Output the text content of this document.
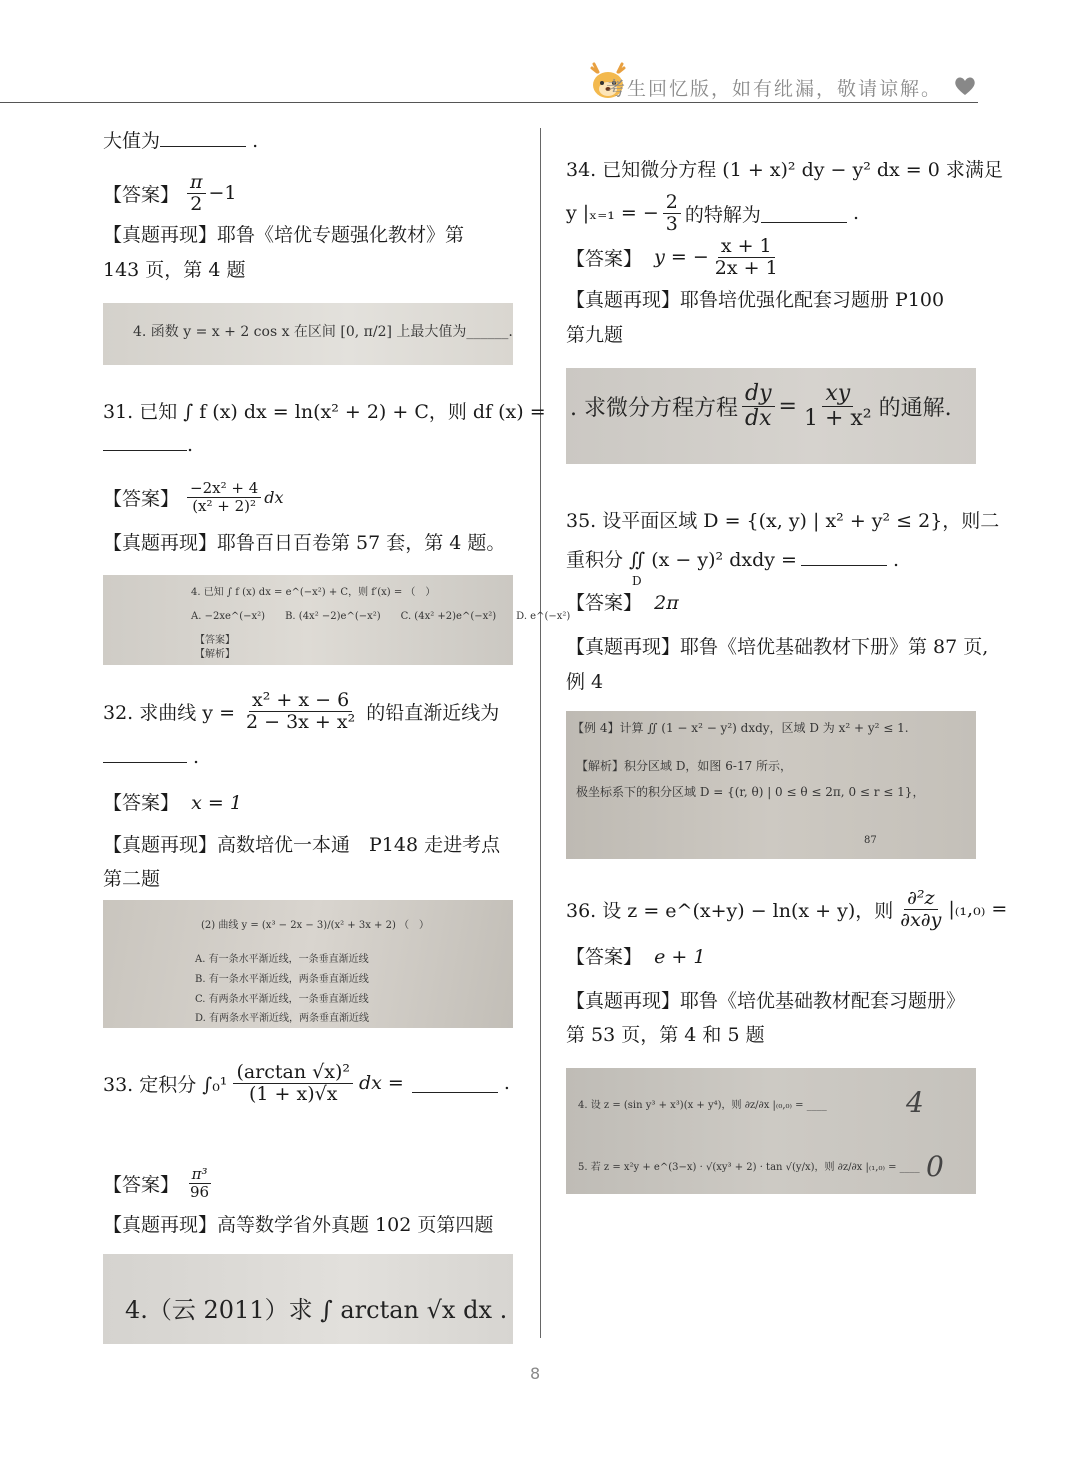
考生回忆版，如有纰漏，敬请谅解。
大值为	.
【答案】 $\frac{\pi}{2} -1$
【真题再现】耶鲁《培优专题强化教材》第
143 页，第 4 题
4. 函数 y = x + 2 cos x 在区间 [0, π/2] 上最大值为______.
31. 已知 ∫ f (x) dx = ln(x² + 2) + C，则 df (x) =
.
【答案】 $\frac{\text{−2x² + 4}}{\text{(x² + 2)²}}$ dx
【真题再现】耶鲁百日百卷第 57 套，第 4 题。
4. 已知 ∫ f (x) dx = e^(−x²) + C，则 f′(x) = （　）
A. −2xe^(−x²)　　B. (4x² −2)e^(−x²)　　C. (4x² +2)e^(−x²)　　D. e^(−x²)
【答案】
【解析】
32. 求曲线 $y = \frac{\text{x² + x − 6}}{\text{2 − 3x + x²}}$ 的铅直渐近线为
.
【答案】 x = 1
【真题再现】高数培优一本通　P148 走进考点
第二题
(2) 曲线 y = (x³ − 2x − 3)/(x² + 3x + 2) （　）
A. 有一条水平渐近线，一条垂直渐近线
B. 有一条水平渐近线，两条垂直渐近线
C. 有两条水平渐近线，一条垂直渐近线
D. 有两条水平渐近线，两条垂直渐近线
33. 定积分 $\int_0^1 \frac{\text{(arctan √x)²}}{(1 + x)√x}$ dx =	.
【答案】 $\frac{\text{π³}}{96}$
【真题再现】高等数学省外真题 102 页第四题
4.（云 2011）求 ∫ arctan √x dx .
34. 已知微分方程 (1 + x)² dy − y² dx = 0 求满足
y |ₓ₌₁ = − $\frac{2}{3}$ 的特解为
	.
【答案】
y = − $\frac{x + 1}{2x + 1}$
【真题再现】耶鲁培优强化配套习题册 P100
第九题
. 求微分方程方程 $\frac{dy}{dx} = \frac{xy}{\text{1 + x²}}$ 的通解.
35. 设平面区域 D = {(x, y) | x² + y² ≤ 2}，则二
重积分 ∬ (x − y)² dxdy =	.
D
【答案】 2π
【真题再现】耶鲁《培优基础教材下册》第 87 页,
例 4
【例 4】计算 ∬ (1 − x² − y²) dxdy，区域 D 为 x² + y² ≤ 1.
【解析】积分区域 D，如图 6-17 所示，
极坐标系下的积分区域 D = {(r, θ) | 0 ≤ θ ≤ 2π, 0 ≤ r ≤ 1}，
87
36. 设 z = e^(x+y) − ln(x + y)，则 $\frac{\text{∂²z}}{\partial x\partial y} |_{(1},_{0)}$ =
【答案】 e + 1
【真题再现】耶鲁《培优基础教材配套习题册》
第 53 页，第 4 和 5 题
4. 设 z = (sin y³ + x³)(x + y⁴)，则 ∂z/∂x |₍₀,₀₎ = ____	4
5. 若 z = x²y + e^(3−x) · √(xy³ + 2) · tan √(y/x)，则 ∂z/∂x |₍₁,₀₎ = ____ 0
8
